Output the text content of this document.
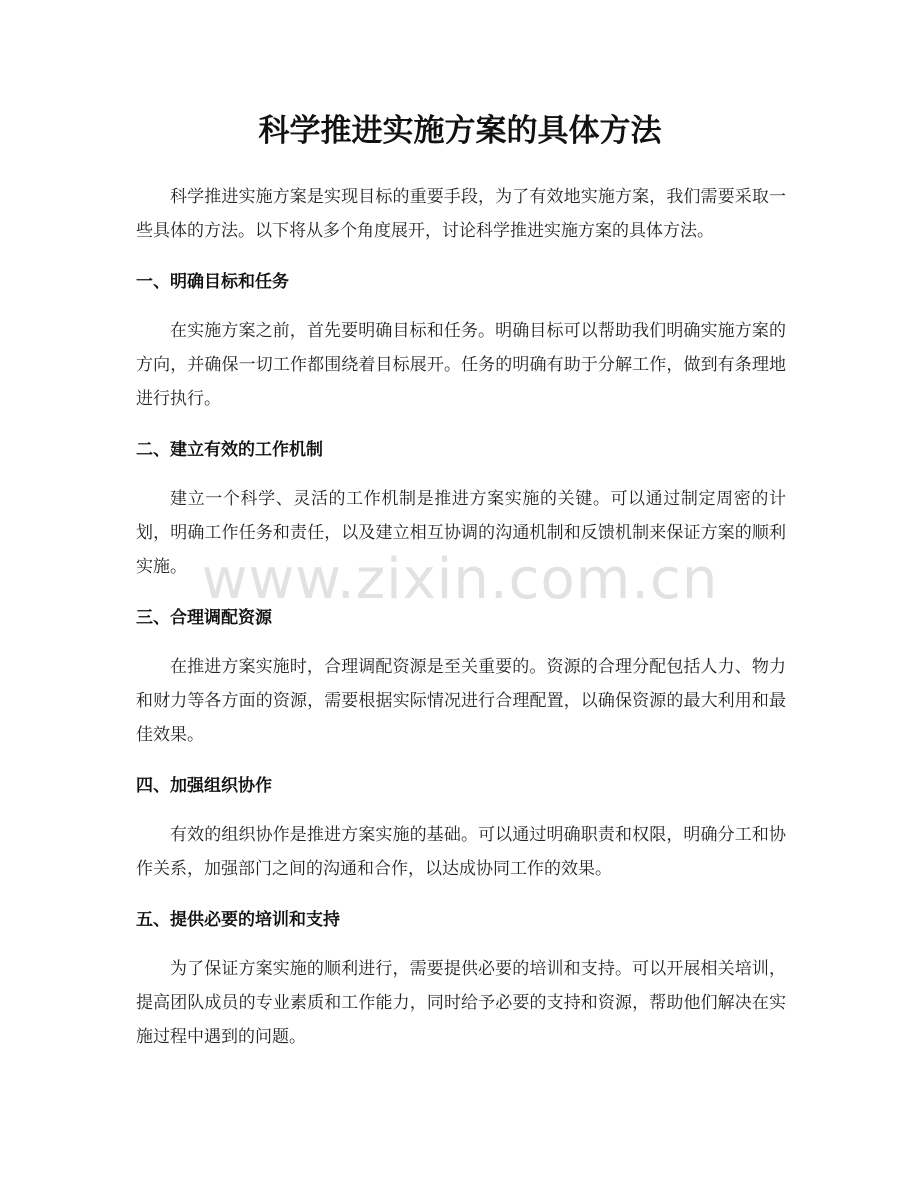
科学推进实施方案的具体方法

科学推进实施方案是实现目标的重要手段，为了有效地实施方案，我们需要采取一些具体的方法。以下将从多个角度展开，讨论科学推进实施方案的具体方法。

一、明确目标和任务

在实施方案之前，首先要明确目标和任务。明确目标可以帮助我们明确实施方案的方向，并确保一切工作都围绕着目标展开。任务的明确有助于分解工作，做到有条理地进行执行。

二、建立有效的工作机制

建立一个科学、灵活的工作机制是推进方案实施的关键。可以通过制定周密的计划，明确工作任务和责任，以及建立相互协调的沟通机制和反馈机制来保证方案的顺利实施。

三、合理调配资源

在推进方案实施时，合理调配资源是至关重要的。资源的合理分配包括人力、物力和财力等各方面的资源，需要根据实际情况进行合理配置，以确保资源的最大利用和最佳效果。

四、加强组织协作

有效的组织协作是推进方案实施的基础。可以通过明确职责和权限，明确分工和协作关系，加强部门之间的沟通和合作，以达成协同工作的效果。

五、提供必要的培训和支持

为了保证方案实施的顺利进行，需要提供必要的培训和支持。可以开展相关培训，提高团队成员的专业素质和工作能力，同时给予必要的支持和资源，帮助他们解决在实施过程中遇到的问题。

www.zixin.com.cn
